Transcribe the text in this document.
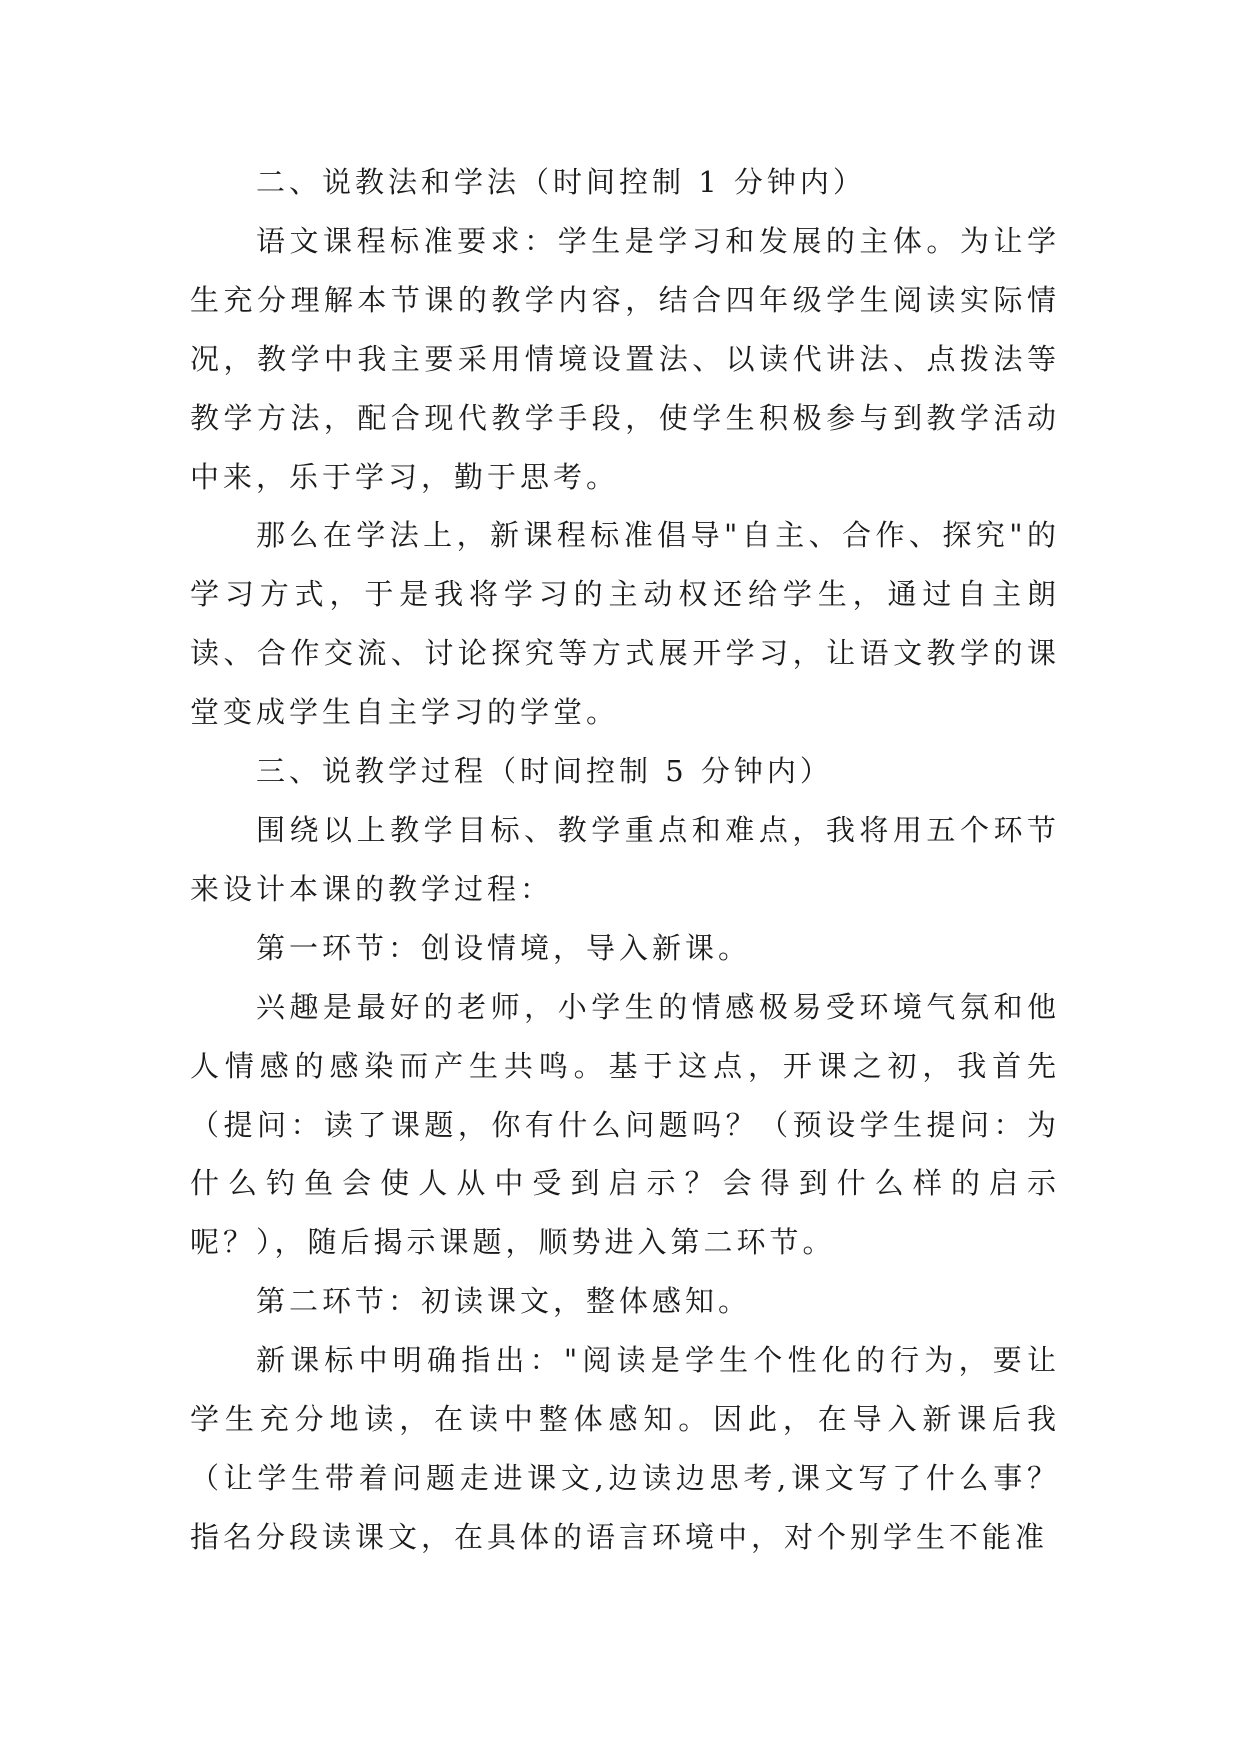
二、说教法和学法（时间控制 1 分钟内）

语文课程标准要求：学生是学习和发展的主体。为让学生充分理解本节课的教学内容，结合四年级学生阅读实际情况，教学中我主要采用情境设置法、以读代讲法、点拨法等教学方法，配合现代教学手段，使学生积极参与到教学活动中来，乐于学习，勤于思考。

那么在学法上，新课程标准倡导"自主、合作、探究"的学习方式，于是我将学习的主动权还给学生，通过自主朗读、合作交流、讨论探究等方式展开学习，让语文教学的课堂变成学生自主学习的学堂。

三、说教学过程（时间控制 5 分钟内）

围绕以上教学目标、教学重点和难点，我将用五个环节来设计本课的教学过程：

第一环节：创设情境，导入新课。

兴趣是最好的老师，小学生的情感极易受环境气氛和他人情感的感染而产生共鸣。基于这点，开课之初，我首先（提问：读了课题，你有什么问题吗？（预设学生提问：为什么钓鱼会使人从中受到启示？会得到什么样的启示呢？），随后揭示课题，顺势进入第二环节。

第二环节：初读课文，整体感知。

新课标中明确指出："阅读是学生个性化的行为，要让学生充分地读，在读中整体感知。因此，在导入新课后我（让学生带着问题走进课文,边读边思考,课文写了什么事？指名分段读课文，在具体的语言环境中，对个别学生不能准
